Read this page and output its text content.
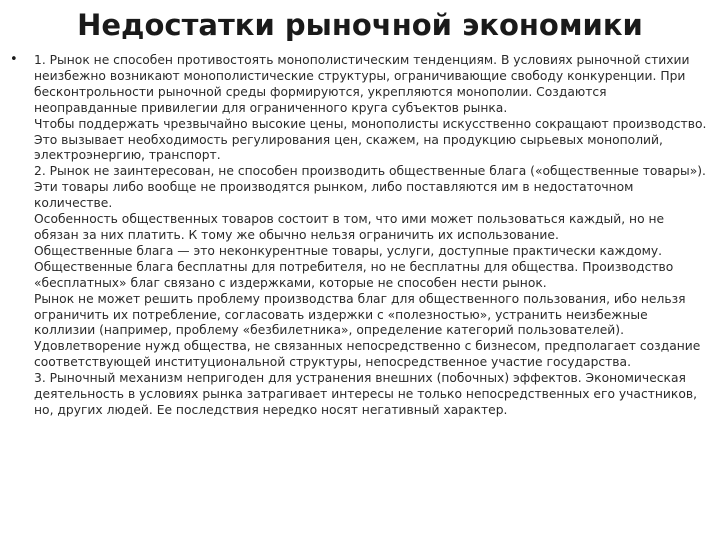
Недостатки рыночной экономики
• 1. Рынок не способен противостоять монополистическим тенденциям. В условиях рыночной стихии неизбежно возникают монополистические структуры, ограничивающие свободу конкуренции. При бесконтрольности рыночной среды формируются, укрепляются монополии. Создаются неоправданные привилегии для ограниченного круга субъектов рынка.
Чтобы поддержать чрезвычайно высокие цены, монополисты искусственно сокращают производство. Это вызывает необходимость регулирования цен, скажем, на продукцию сырьевых монополий, электроэнергию, транспорт.
2. Рынок не заинтересован, не способен производить общественные блага («общественные товары»). Эти товары либо вообще не производятся рынком, либо поставляются им в недостаточном количестве.
Особенность общественных товаров состоит в том, что ими может пользоваться каждый, но не обязан за них платить. К тому же обычно нельзя ограничить их использование.
Общественные блага — это неконкурентные товары, услуги, доступные практически каждому. Общественные блага бесплатны для потребителя, но не бесплатны для общества. Производство «бесплатных» благ связано с издержками, которые не способен нести рынок.
Рынок не может решить проблему производства благ для общественного пользования, ибо нельзя ограничить их потребление, согласовать издержки с «полезностью», устранить неизбежные коллизии (например, проблему «безбилетника», определение категорий пользователей). Удовлетворение нужд общества, не связанных непосредственно с бизнесом, предполагает создание соответствующей институциональной структуры, непосредственное участие государства.
3. Рыночный механизм непригоден для устранения внешних (побочных) эффектов. Экономическая деятельность в условиях рынка затрагивает интересы не только непосредственных его участников, но, других людей. Ее последствия нередко носят негативный характер.
